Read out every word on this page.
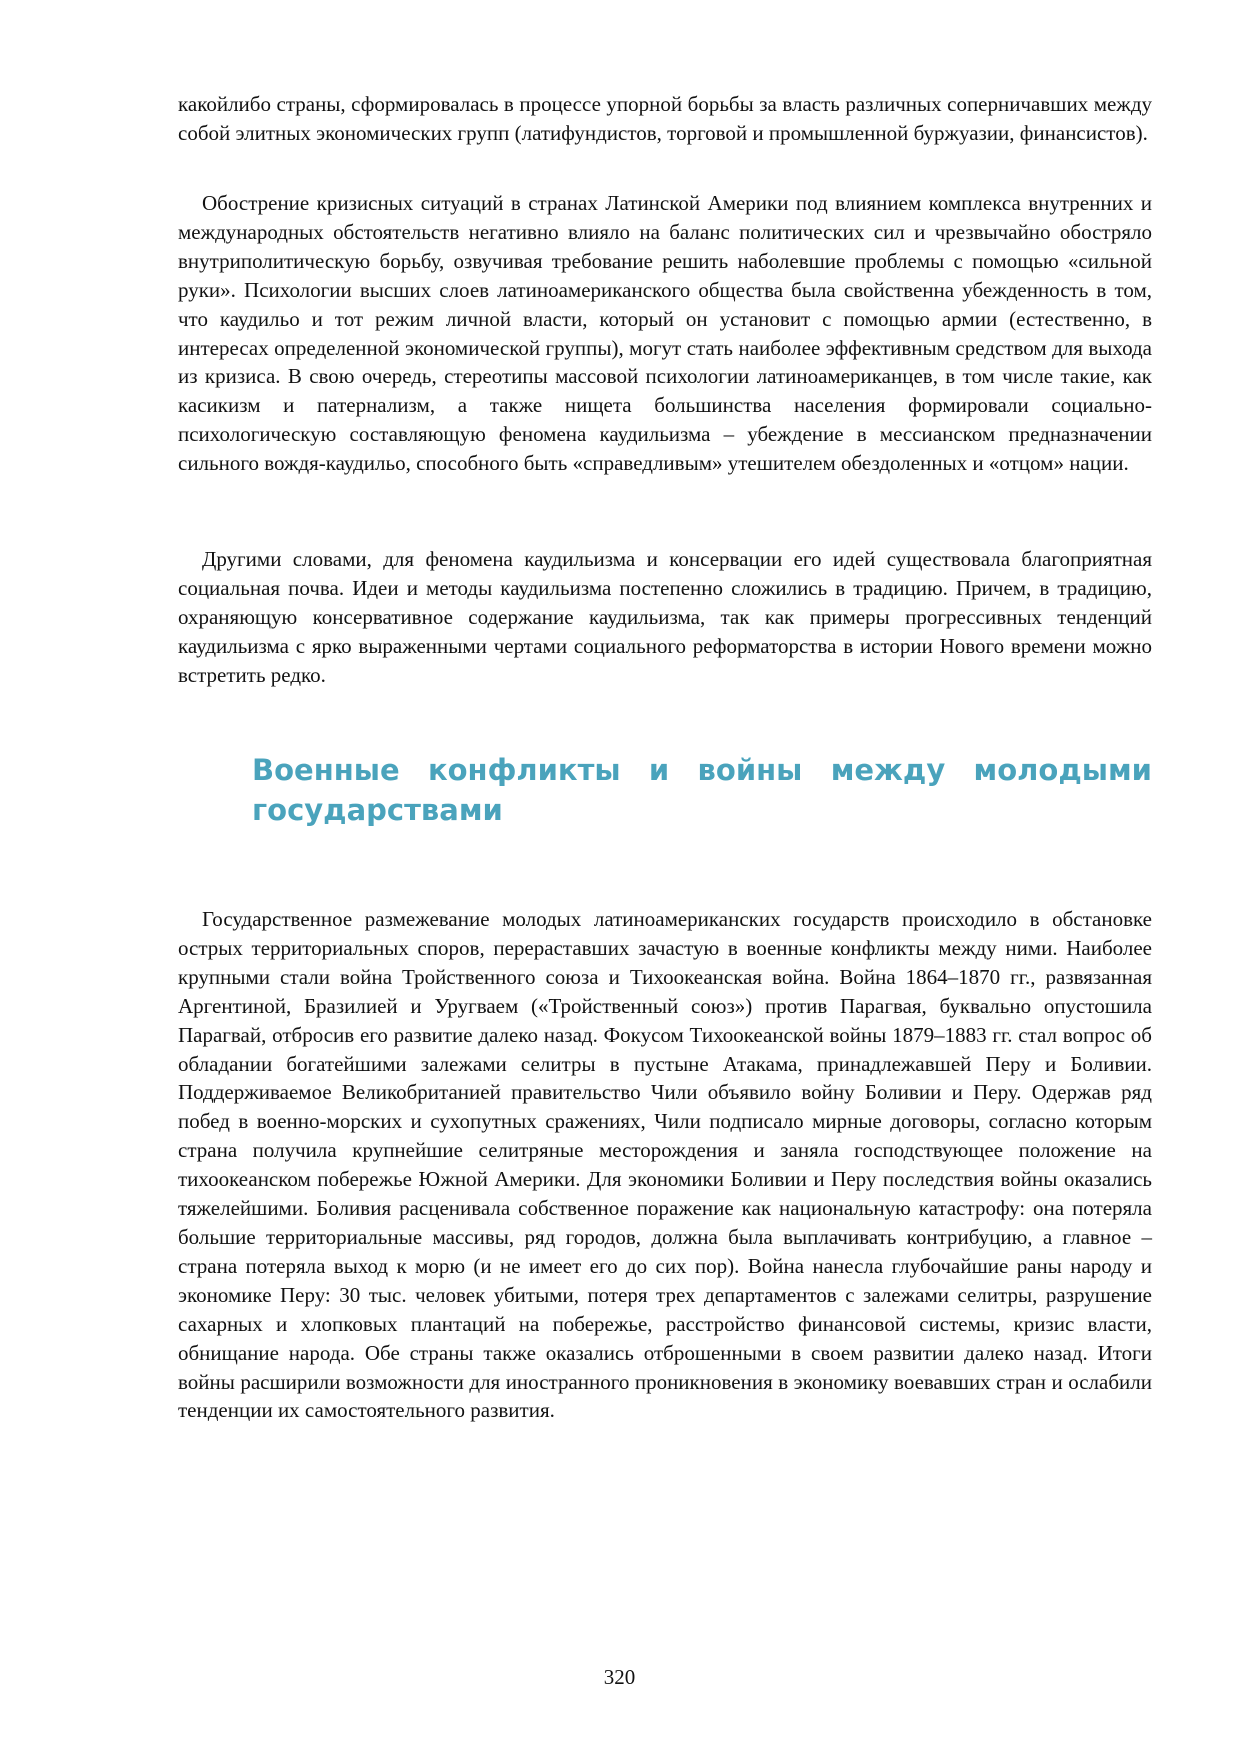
какойлибо страны, сформировалась в процессе упорной борьбы за власть различных соперничавших между собой элитных экономических групп (латифундистов, торговой и промышленной буржуазии, финансистов).

Обострение кризисных ситуаций в странах Латинской Америки под влиянием комплекса внутренних и международных обстоятельств негативно влияло на баланс политических сил и чрезвычайно обостряло внутриполитическую борьбу, озвучивая требование решить наболевшие проблемы с помощью «сильной руки». Психологии высших слоев латиноамериканского общества была свойственна убежденность в том, что каудильо и тот режим личной власти, который он установит с помощью армии (естественно, в интересах определенной экономической группы), могут стать наиболее эффективным средством для выхода из кризиса. В свою очередь, стереотипы массовой психологии латиноамериканцев, в том числе такие, как касикизм и патернализм, а также нищета большинства населения формировали социально-психологическую составляющую феномена каудильизма – убеждение в мессианском предназначении сильного вождя-каудильо, способного быть «справедливым» утешителем обездоленных и «отцом» нации.

Другими словами, для феномена каудильизма и консервации его идей существовала благоприятная социальная почва. Идеи и методы каудильизма постепенно сложились в традицию. Причем, в традицию, охраняющую консервативное содержание каудильизма, так как примеры прогрессивных тенденций каудильизма с ярко выраженными чертами социального реформаторства в истории Нового времени можно встретить редко.

Военные конфликты и войны между молодыми государствами

Государственное размежевание молодых латиноамериканских государств происходило в обстановке острых территориальных споров, перераставших зачастую в военные конфликты между ними. Наиболее крупными стали война Тройственного союза и Тихоокеанская война. Война 1864–1870 гг., развязанная Аргентиной, Бразилией и Уругваем («Тройственный союз») против Парагвая, буквально опустошила Парагвай, отбросив его развитие далеко назад. Фокусом Тихоокеанской войны 1879–1883 гг. стал вопрос об обладании богатейшими залежами селитры в пустыне Атакама, принадлежавшей Перу и Боливии. Поддерживаемое Великобританией правительство Чили объявило войну Боливии и Перу. Одержав ряд побед в военно-морских и сухопутных сражениях, Чили подписало мирные договоры, согласно которым страна получила крупнейшие селитряные месторождения и заняла господствующее положение на тихоокеанском побережье Южной Америки. Для экономики Боливии и Перу последствия войны оказались тяжелейшими. Боливия расценивала собственное поражение как национальную катастрофу: она потеряла большие территориальные массивы, ряд городов, должна была выплачивать контрибуцию, а главное – страна потеряла выход к морю (и не имеет его до сих пор). Война нанесла глубочайшие раны народу и экономике Перу: 30 тыс. человек убитыми, потеря трех департаментов с залежами селитры, разрушение сахарных и хлопковых плантаций на побережье, расстройство финансовой системы, кризис власти, обнищание народа. Обе страны также оказались отброшенными в своем развитии далеко назад. Итоги войны расширили возможности для иностранного проникновения в экономику воевавших стран и ослабили тенденции их самостоятельного развития.

320
